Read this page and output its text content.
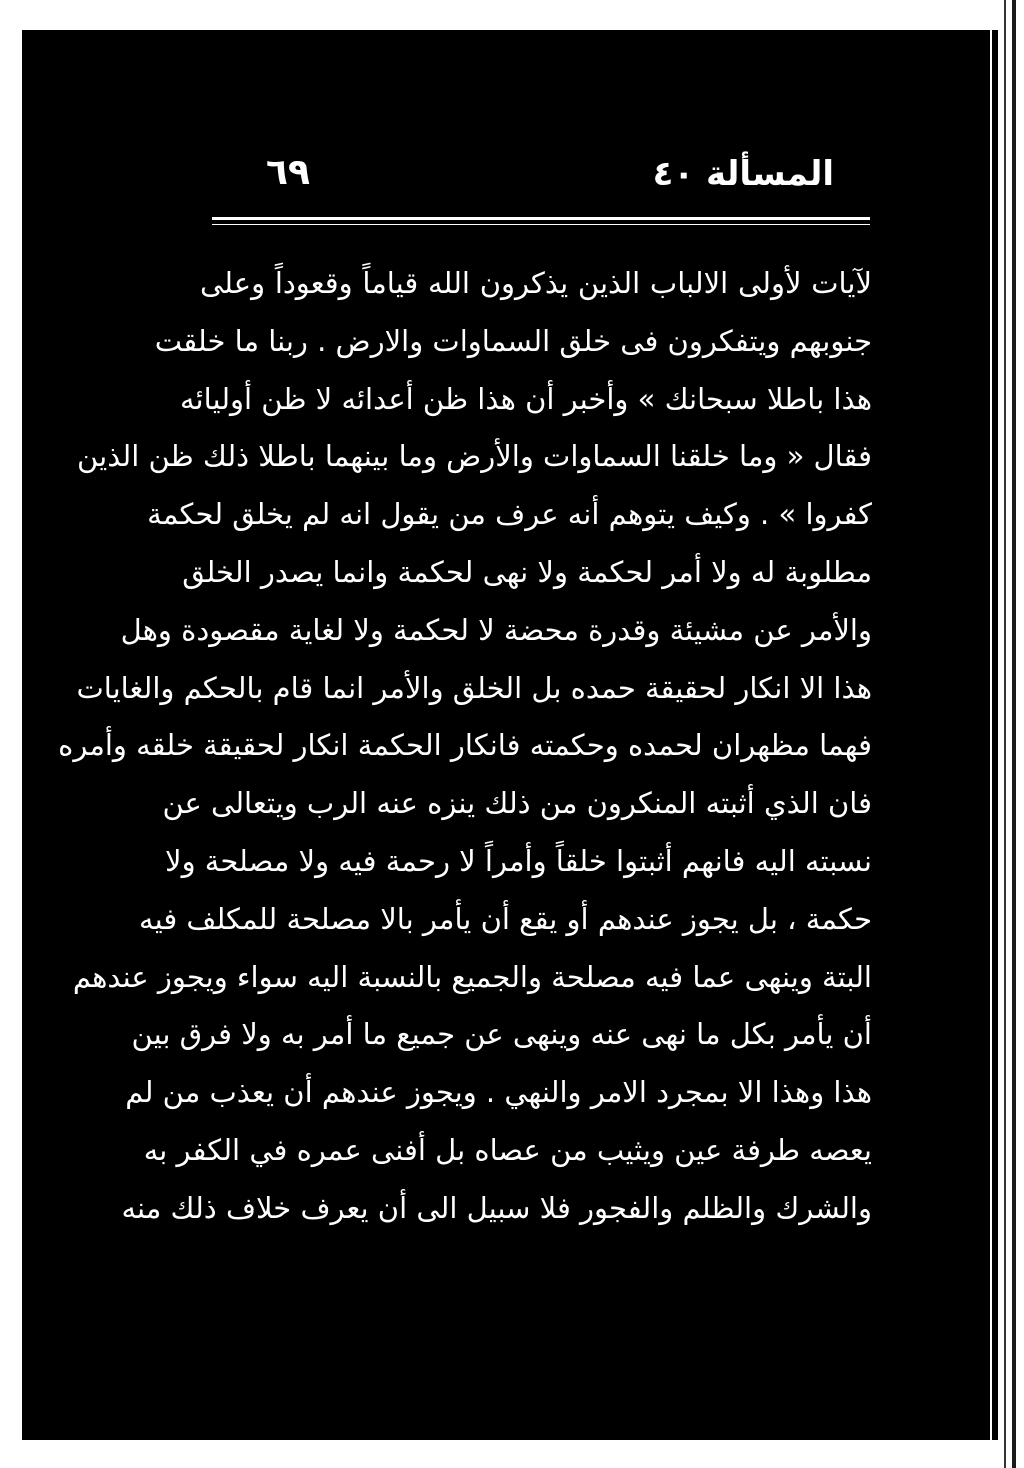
٦٩	المسألة ٤٠
لآيات لأولى الالباب الذين يذكرون الله قياماً وقعوداً وعلى
جنوبهم ويتفكرون فى خلق السماوات والارض . ربنا ما خلقت
هذا باطلا سبحانك » وأخبر أن هذا ظن أعدائه لا ظن أوليائه
فقال « وما خلقنا السماوات والأرض وما بينهما باطلا ذلك ظن الذين
كفروا » . وكيف يتوهم أنه عرف من يقول انه لم يخلق لحكمة
مطلوبة له ولا أمر لحكمة ولا نهى لحكمة وانما يصدر الخلق
والأمر عن مشيئة وقدرة محضة لا لحكمة ولا لغاية مقصودة وهل
هذا الا انكار لحقيقة حمده بل الخلق والأمر انما قام بالحكم والغايات
فهما مظهران لحمده وحكمته فانكار الحكمة انكار لحقيقة خلقه وأمره
فان الذي أثبته المنكرون من ذلك ينزه عنه الرب ويتعالى عن
نسبته اليه فانهم أثبتوا خلقاً وأمراً لا رحمة فيه ولا مصلحة ولا
حكمة ، بل يجوز عندهم أو يقع أن يأمر بالا مصلحة للمكلف فيه
البتة وينهى عما فيه مصلحة والجميع بالنسبة اليه سواء ويجوز عندهم
أن يأمر بكل ما نهى عنه وينهى عن جميع ما أمر به ولا فرق بين
هذا وهذا الا بمجرد الامر والنهي . ويجوز عندهم أن يعذب من لم
يعصه طرفة عين ويثيب من عصاه بل أفنى عمره في الكفر به
والشرك والظلم والفجور فلا سبيل الى أن يعرف خلاف ذلك منه
